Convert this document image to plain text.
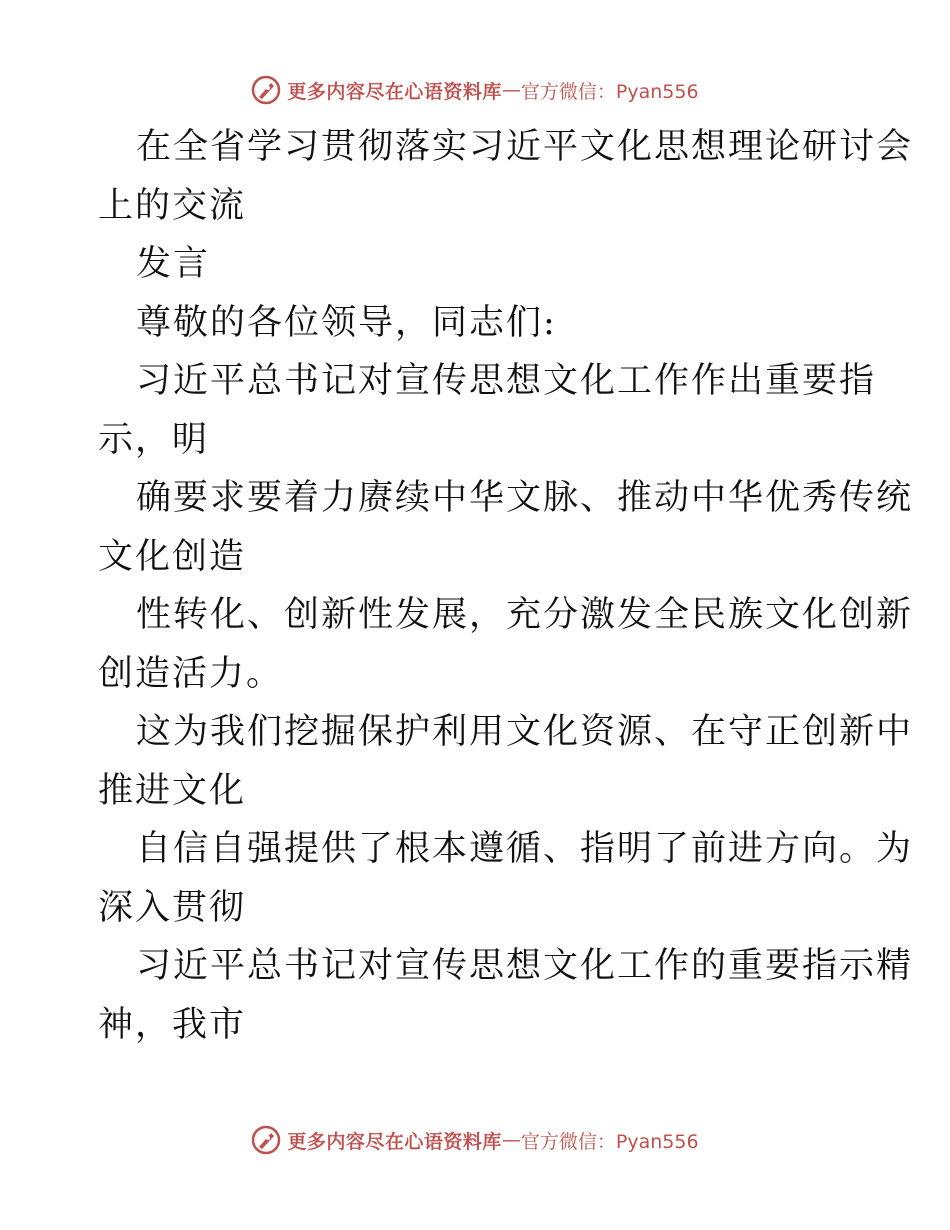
更多内容尽在心语资料库 — 官方微信：Pyan556
在全省学习贯彻落实习近平文化思想理论研讨会
上的交流
发言
尊敬的各位领导，同志们:
习近平总书记对宣传思想文化工作作出重要指
示，明
确要求要着力赓续中华文脉、推动中华优秀传统
文化创造
性转化、创新性发展，充分激发全民族文化创新
创造活力。
这为我们挖掘保护利用文化资源、在守正创新中
推进文化
自信自强提供了根本遵循、指明了前进方向。为
深入贯彻
习近平总书记对宣传思想文化工作的重要指示精
神，我市
更多内容尽在心语资料库 — 官方微信：Pyan556
